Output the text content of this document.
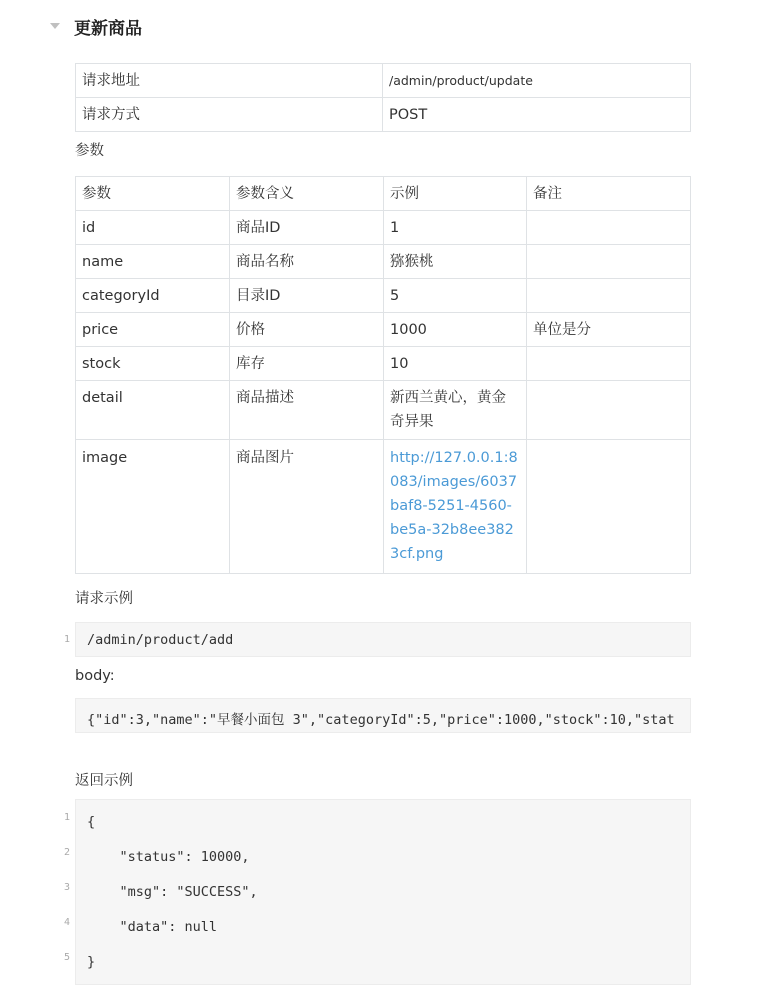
更新商品
请求地址	/admin/product/update
请求方式	POST
参数
参数	参数含义	示例	备注
id	商品ID	1	
name	商品名称	猕猴桃	
categoryId	目录ID	5	
price	价格	1000	单位是分
stock	库存	10	
detail	商品描述	新西兰黄心，黄金奇异果	
image	商品图片	http://127.0.0.1:8083/images/6037baf8-5251-4560-be5a-32b8ee3823cf.png	
请求示例
1 /admin/product/add
body:
{"id":3,"name":"早餐小面包 3","categoryId":5,"price":1000,"stock":10,"stat
返回示例
1 {
2 "status": 10000,
3 "msg": "SUCCESS",
4 "data": null
5 }
